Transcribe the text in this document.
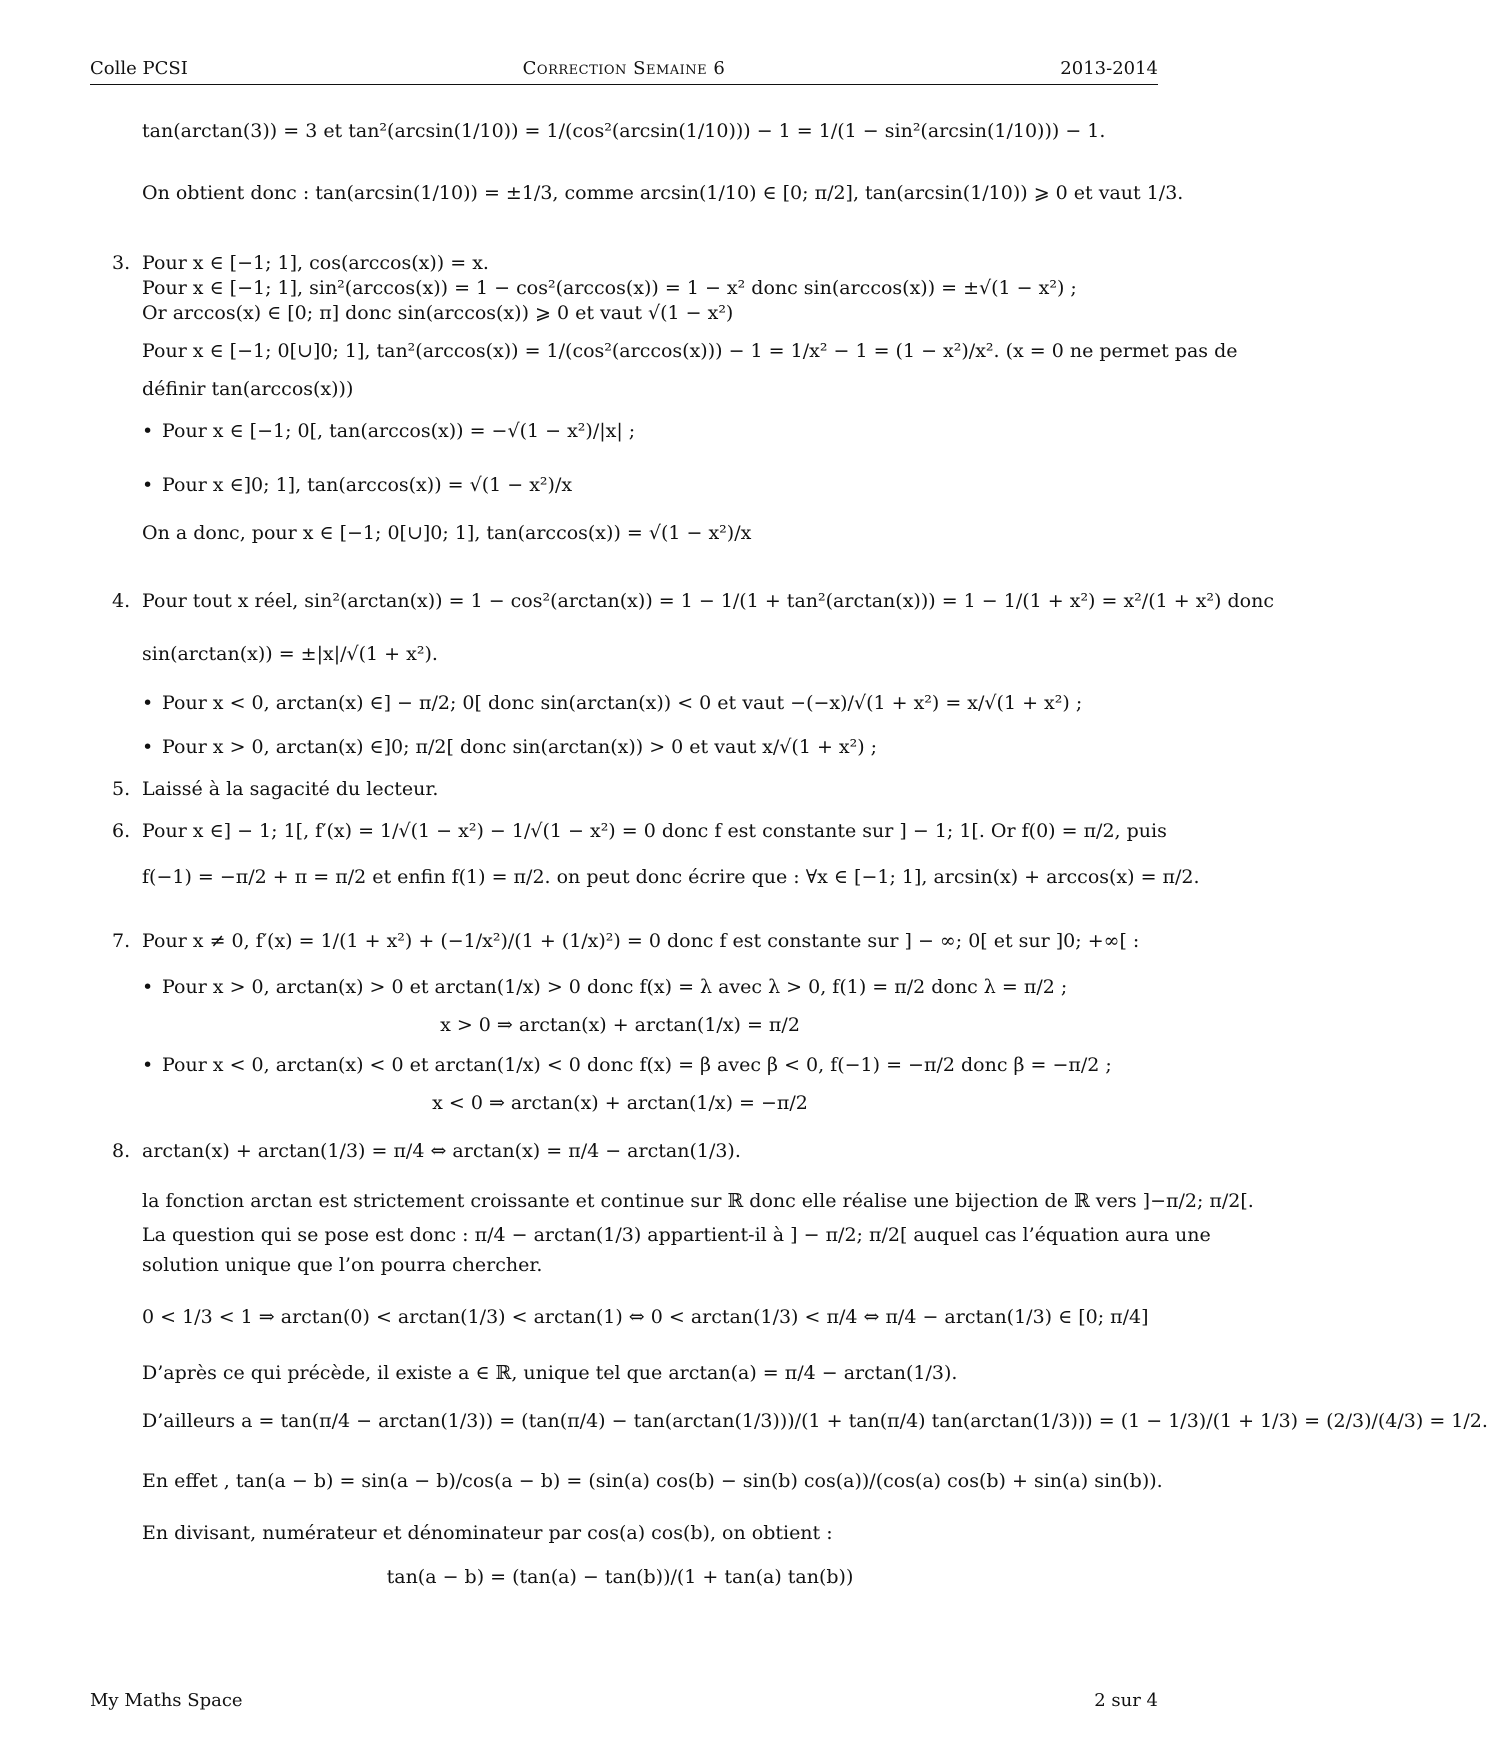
Colle PCSI	Correction Semaine 6	2013-2014
tan(arctan(3)) = 3 et tan²(arcsin(1/10)) = 1/(cos²(arcsin(1/10))) − 1 = 1/(1 − sin²(arcsin(1/10))) − 1.
On obtient donc : tan(arcsin(1/10)) = ±1/3, comme arcsin(1/10) ∈ [0; π/2], tan(arcsin(1/10)) ⩾ 0 et vaut 1/3.
3. Pour x ∈ [−1; 1], cos(arccos(x)) = x.
Pour x ∈ [−1; 1], sin²(arccos(x)) = 1 − cos²(arccos(x)) = 1 − x² donc sin(arccos(x)) = ±√(1 − x²) ;
Or arccos(x) ∈ [0; π] donc sin(arccos(x)) ⩾ 0 et vaut √(1 − x²)
Pour x ∈ [−1; 0[∪]0; 1], tan²(arccos(x)) = 1/(cos²(arccos(x))) − 1 = 1/x² − 1 = (1 − x²)/x². (x = 0 ne permet pas de
définir tan(arccos(x)))
• Pour x ∈ [−1; 0[, tan(arccos(x)) = −√(1 − x²)/|x| ;
• Pour x ∈]0; 1], tan(arccos(x)) = √(1 − x²)/x
On a donc, pour x ∈ [−1; 0[∪]0; 1], tan(arccos(x)) = √(1 − x²)/x
4. Pour tout x réel, sin²(arctan(x)) = 1 − cos²(arctan(x)) = 1 − 1/(1 + tan²(arctan(x))) = 1 − 1/(1 + x²) = x²/(1 + x²) donc
sin(arctan(x)) = ±|x|/√(1 + x²).
• Pour x < 0, arctan(x) ∈] − π/2; 0[ donc sin(arctan(x)) < 0 et vaut −(−x)/√(1 + x²) = x/√(1 + x²) ;
• Pour x > 0, arctan(x) ∈]0; π/2[ donc sin(arctan(x)) > 0 et vaut x/√(1 + x²) ;
5. Laissé à la sagacité du lecteur.
6. Pour x ∈] − 1; 1[, f′(x) = 1/√(1 − x²) − 1/√(1 − x²) = 0 donc f est constante sur ] − 1; 1[. Or f(0) = π/2, puis
f(−1) = −π/2 + π = π/2 et enfin f(1) = π/2. on peut donc écrire que : ∀x ∈ [−1; 1], arcsin(x) + arccos(x) = π/2.
7. Pour x ≠ 0, f′(x) = 1/(1 + x²) + (−1/x²)/(1 + (1/x)²) = 0 donc f est constante sur ] − ∞; 0[ et sur ]0; +∞[ :
• Pour x > 0, arctan(x) > 0 et arctan(1/x) > 0 donc f(x) = λ avec λ > 0, f(1) = π/2 donc λ = π/2 ;
x > 0 ⇒ arctan(x) + arctan(1/x) = π/2
• Pour x < 0, arctan(x) < 0 et arctan(1/x) < 0 donc f(x) = β avec β < 0, f(−1) = −π/2 donc β = −π/2 ;
x < 0 ⇒ arctan(x) + arctan(1/x) = −π/2
8. arctan(x) + arctan(1/3) = π/4 ⇔ arctan(x) = π/4 − arctan(1/3).
la fonction arctan est strictement croissante et continue sur ℝ donc elle réalise une bijection de ℝ vers ]−π/2; π/2[.
La question qui se pose est donc : π/4 − arctan(1/3) appartient-il à ] − π/2; π/2[ auquel cas l’équation aura une
solution unique que l’on pourra chercher.
0 < 1/3 < 1 ⇒ arctan(0) < arctan(1/3) < arctan(1) ⇔ 0 < arctan(1/3) < π/4 ⇔ π/4 − arctan(1/3) ∈ [0; π/4]
D’après ce qui précède, il existe a ∈ ℝ, unique tel que arctan(a) = π/4 − arctan(1/3).
D’ailleurs a = tan(π/4 − arctan(1/3)) = (tan(π/4) − tan(arctan(1/3)))/(1 + tan(π/4) tan(arctan(1/3))) = (1 − 1/3)/(1 + 1/3) = (2/3)/(4/3) = 1/2.
En effet , tan(a − b) = sin(a − b)/cos(a − b) = (sin(a) cos(b) − sin(b) cos(a))/(cos(a) cos(b) + sin(a) sin(b)).
En divisant, numérateur et dénominateur par cos(a) cos(b), on obtient :
tan(a − b) = (tan(a) − tan(b))/(1 + tan(a) tan(b))
My Maths Space	2 sur 4
